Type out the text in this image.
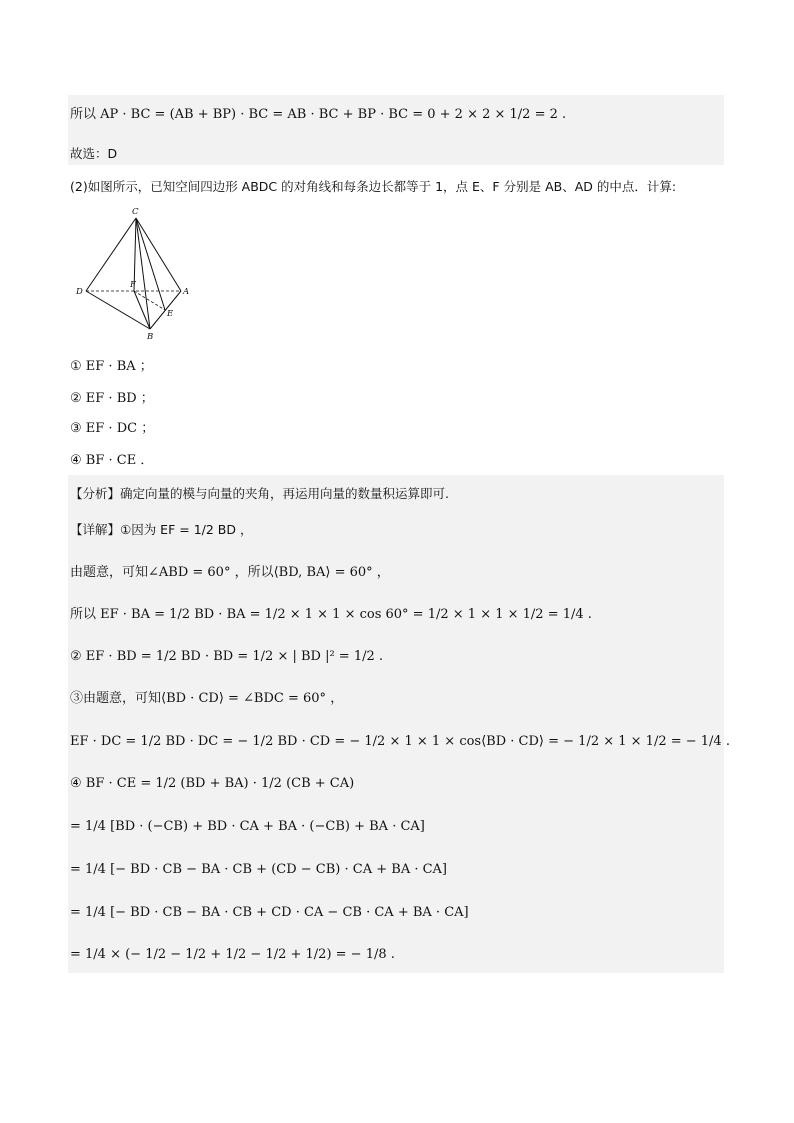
所以 AP · BC = (AB + BP) · BC = AB · BC + BP · BC = 0 + 2 × 2 × 1/2 = 2 .
故选：D
(2)如图所示，已知空间四边形 ABDC 的对角线和每条边长都等于 1，点 E、F 分别是 AB、AD 的中点．计算:
C
D
F
A
E
B
① EF · BA ；
② EF · BD ；
③ EF · DC ；
④ BF · CE ．
【分析】确定向量的模与向量的夹角，再运用向量的数量积运算即可.
【详解】①因为 EF = 1/2 BD ，
由题意，可知∠ABD = 60° ，所以⟨BD, BA⟩ = 60° ，
所以 EF · BA = 1/2 BD · BA = 1/2 × 1 × 1 × cos 60° = 1/2 × 1 × 1 × 1/2 = 1/4 .
② EF · BD = 1/2 BD · BD = 1/2 × | BD |² = 1/2 .
③由题意，可知⟨BD · CD⟩ = ∠BDC = 60° ，
EF · DC = 1/2 BD · DC = − 1/2 BD · CD = − 1/2 × 1 × 1 × cos⟨BD · CD⟩ = − 1/2 × 1 × 1/2 = − 1/4 .
④ BF · CE = 1/2 (BD + BA) · 1/2 (CB + CA)
= 1/4 [BD · (−CB) + BD · CA + BA · (−CB) + BA · CA]
= 1/4 [− BD · CB − BA · CB + (CD − CB) · CA + BA · CA]
= 1/4 [− BD · CB − BA · CB + CD · CA − CB · CA + BA · CA]
= 1/4 × (− 1/2 − 1/2 + 1/2 − 1/2 + 1/2) = − 1/8 .
